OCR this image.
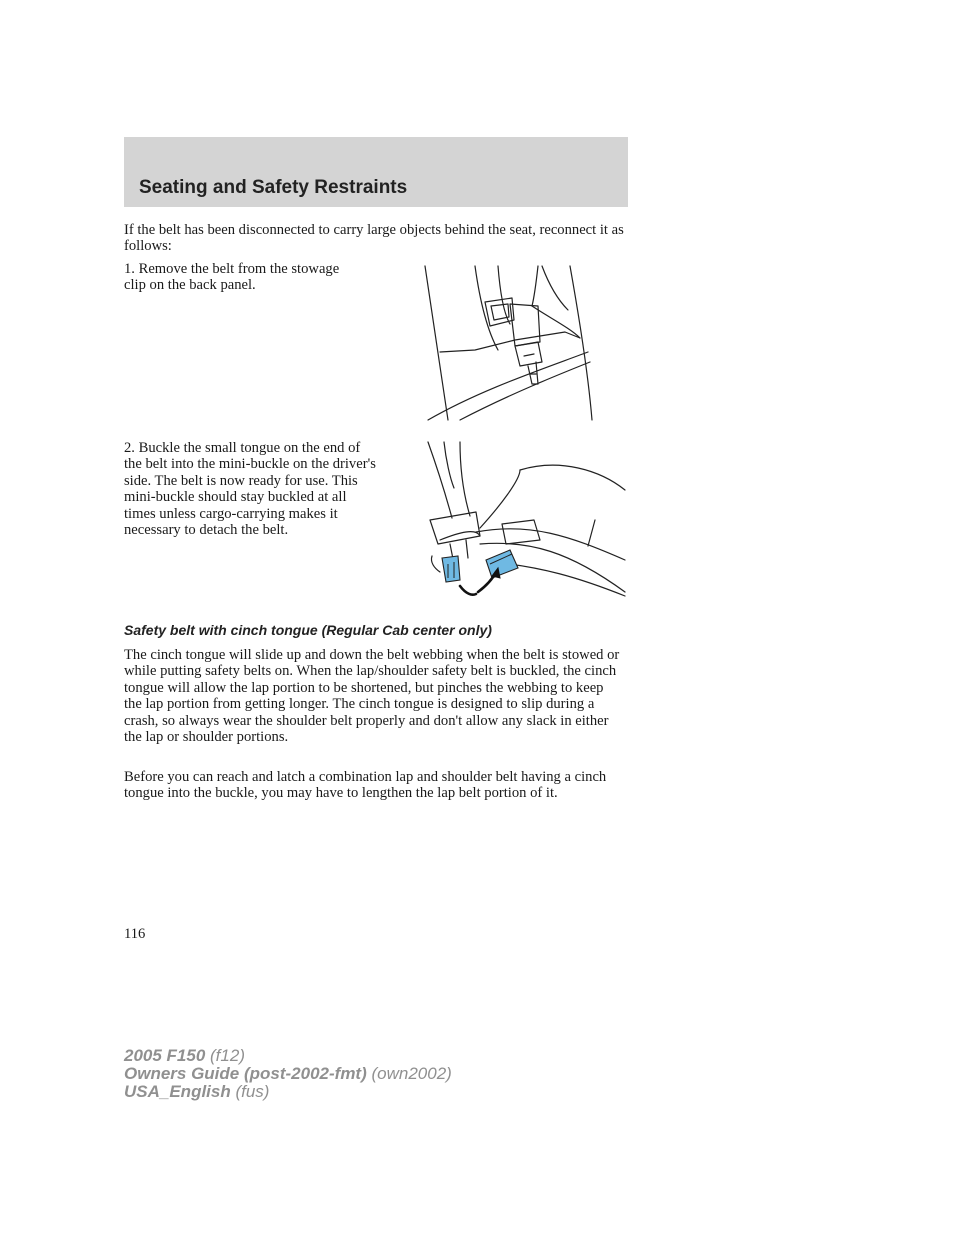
Seating and Safety Restraints

If the belt has been disconnected to carry large objects behind the seat, reconnect it as follows:

1. Remove the belt from the stowage clip on the back panel.

2. Buckle the small tongue on the end of the belt into the mini-buckle on the driver's side. The belt is now ready for use. This mini-buckle should stay buckled at all times unless cargo-carrying makes it necessary to detach the belt.

Safety belt with cinch tongue (Regular Cab center only)

The cinch tongue will slide up and down the belt webbing when the belt is stowed or while putting safety belts on. When the lap/shoulder safety belt is buckled, the cinch tongue will allow the lap portion to be shortened, but pinches the webbing to keep the lap portion from getting longer. The cinch tongue is designed to slip during a crash, so always wear the shoulder belt properly and don't allow any slack in either the lap or shoulder portions.

Before you can reach and latch a combination lap and shoulder belt having a cinch tongue into the buckle, you may have to lengthen the lap belt portion of it.

116
2005 F150 (f12)
Owners Guide (post-2002-fmt) (own2002)
USA_English (fus)
